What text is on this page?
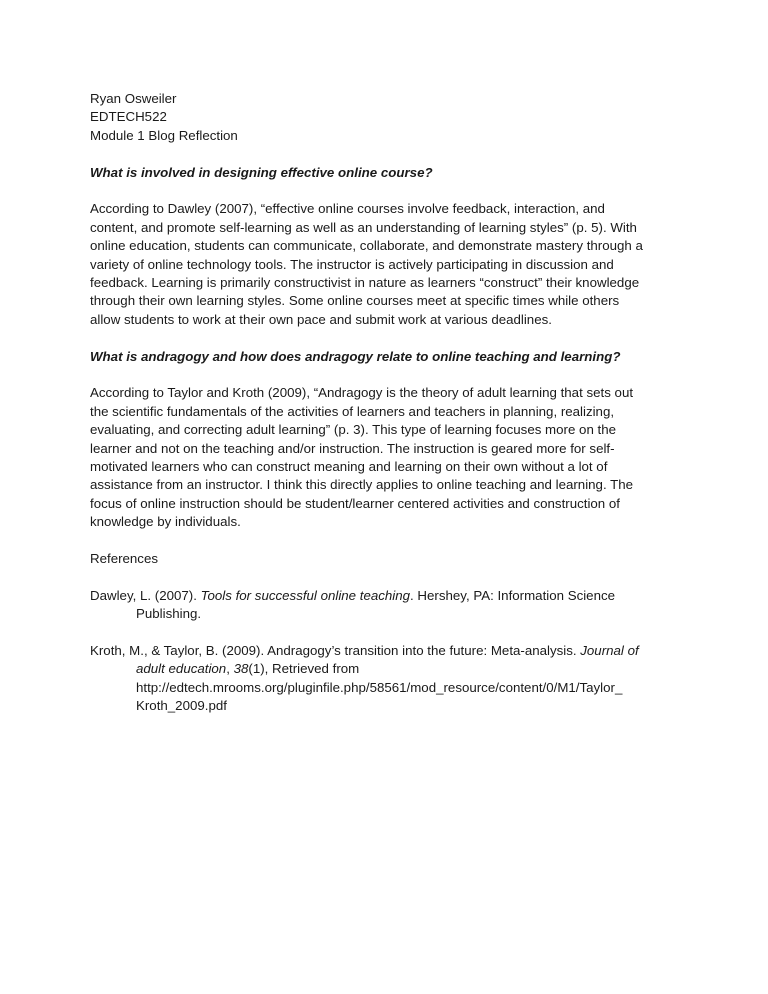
Ryan Osweiler
EDTECH522
Module 1 Blog Reflection
What is involved in designing effective online course?
According to Dawley (2007), “effective online courses involve feedback, interaction, and
content, and promote self-learning as well as an understanding of learning styles” (p. 5). With
online education, students can communicate, collaborate, and demonstrate mastery through a
variety of online technology tools. The instructor is actively participating in discussion and
feedback. Learning is primarily constructivist in nature as learners “construct” their knowledge
through their own learning styles. Some online courses meet at specific times while others
allow students to work at their own pace and submit work at various deadlines.
What is andragogy and how does andragogy relate to online teaching and learning?
According to Taylor and Kroth (2009), “Andragogy is the theory of adult learning that sets out
the scientific fundamentals of the activities of learners and teachers in planning, realizing,
evaluating, and correcting adult learning” (p. 3). This type of learning focuses more on the
learner and not on the teaching and/or instruction. The instruction is geared more for self-
motivated learners who can construct meaning and learning on their own without a lot of
assistance from an instructor. I think this directly applies to online teaching and learning. The
focus of online instruction should be student/learner centered activities and construction of
knowledge by individuals.
References
Dawley, L. (2007). Tools for successful online teaching. Hershey, PA: Information Science
Publishing.
Kroth, M., & Taylor, B. (2009). Andragogy’s transition into the future: Meta-analysis. Journal of
adult education, 38(1), Retrieved from
http://edtech.mrooms.org/pluginfile.php/58561/mod_resource/content/0/M1/Taylor_
Kroth_2009.pdf
